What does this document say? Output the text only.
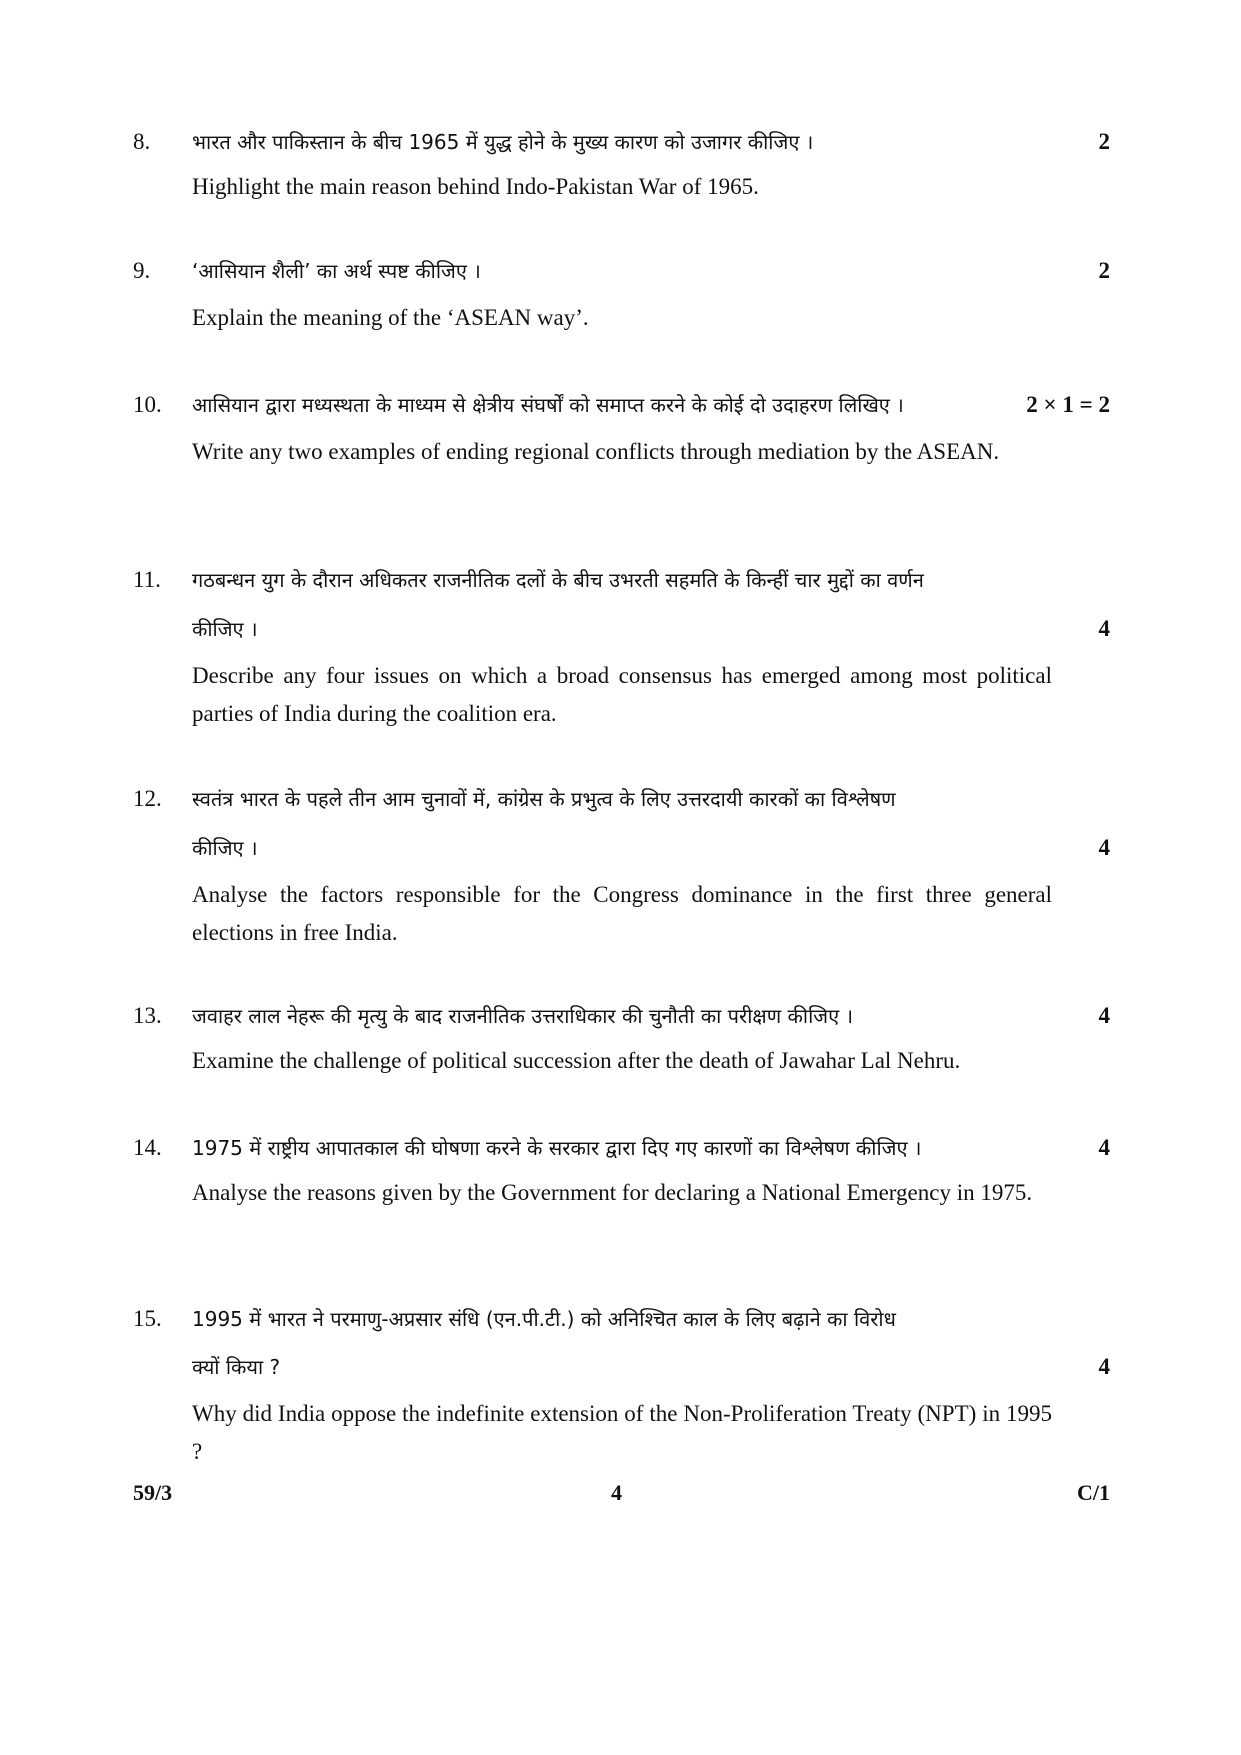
8. भारत और पाकिस्तान के बीच 1965 में युद्ध होने के मुख्य कारण को उजागर कीजिए ।	2
Highlight the main reason behind Indo-Pakistan War of 1965.
9. ‘आसियान शैली’ का अर्थ स्पष्ट कीजिए ।	2
Explain the meaning of the ‘ASEAN way’.
10. आसियान द्वारा मध्यस्थता के माध्यम से क्षेत्रीय संघर्षों को समाप्त करने के कोई दो उदाहरण लिखिए ।	2 × 1 = 2
Write any two examples of ending regional conflicts through mediation by the ASEAN.
11. गठबन्धन युग के दौरान अधिकतर राजनीतिक दलों के बीच उभरती सहमति के किन्हीं चार मुद्दों का वर्णन
कीजिए ।	4
Describe any four issues on which a broad consensus has emerged among most political parties of India during the coalition era.
12. स्वतंत्र भारत के पहले तीन आम चुनावों में, कांग्रेस के प्रभुत्व के लिए उत्तरदायी कारकों का विश्लेषण
कीजिए ।	4
Analyse the factors responsible for the Congress dominance in the first three general elections in free India.
13. जवाहर लाल नेहरू की मृत्यु के बाद राजनीतिक उत्तराधिकार की चुनौती का परीक्षण कीजिए ।	4
Examine the challenge of political succession after the death of Jawahar Lal Nehru.
14. 1975 में राष्ट्रीय आपातकाल की घोषणा करने के सरकार द्वारा दिए गए कारणों का विश्लेषण कीजिए ।	4
Analyse the reasons given by the Government for declaring a National Emergency in 1975.
15. 1995 में भारत ने परमाणु-अप्रसार संधि (एन.पी.टी.) को अनिश्चित काल के लिए बढ़ाने का विरोध
क्यों किया ?	4
Why did India oppose the indefinite extension of the Non-Proliferation Treaty (NPT) in 1995 ?
59/3	4	C/1
